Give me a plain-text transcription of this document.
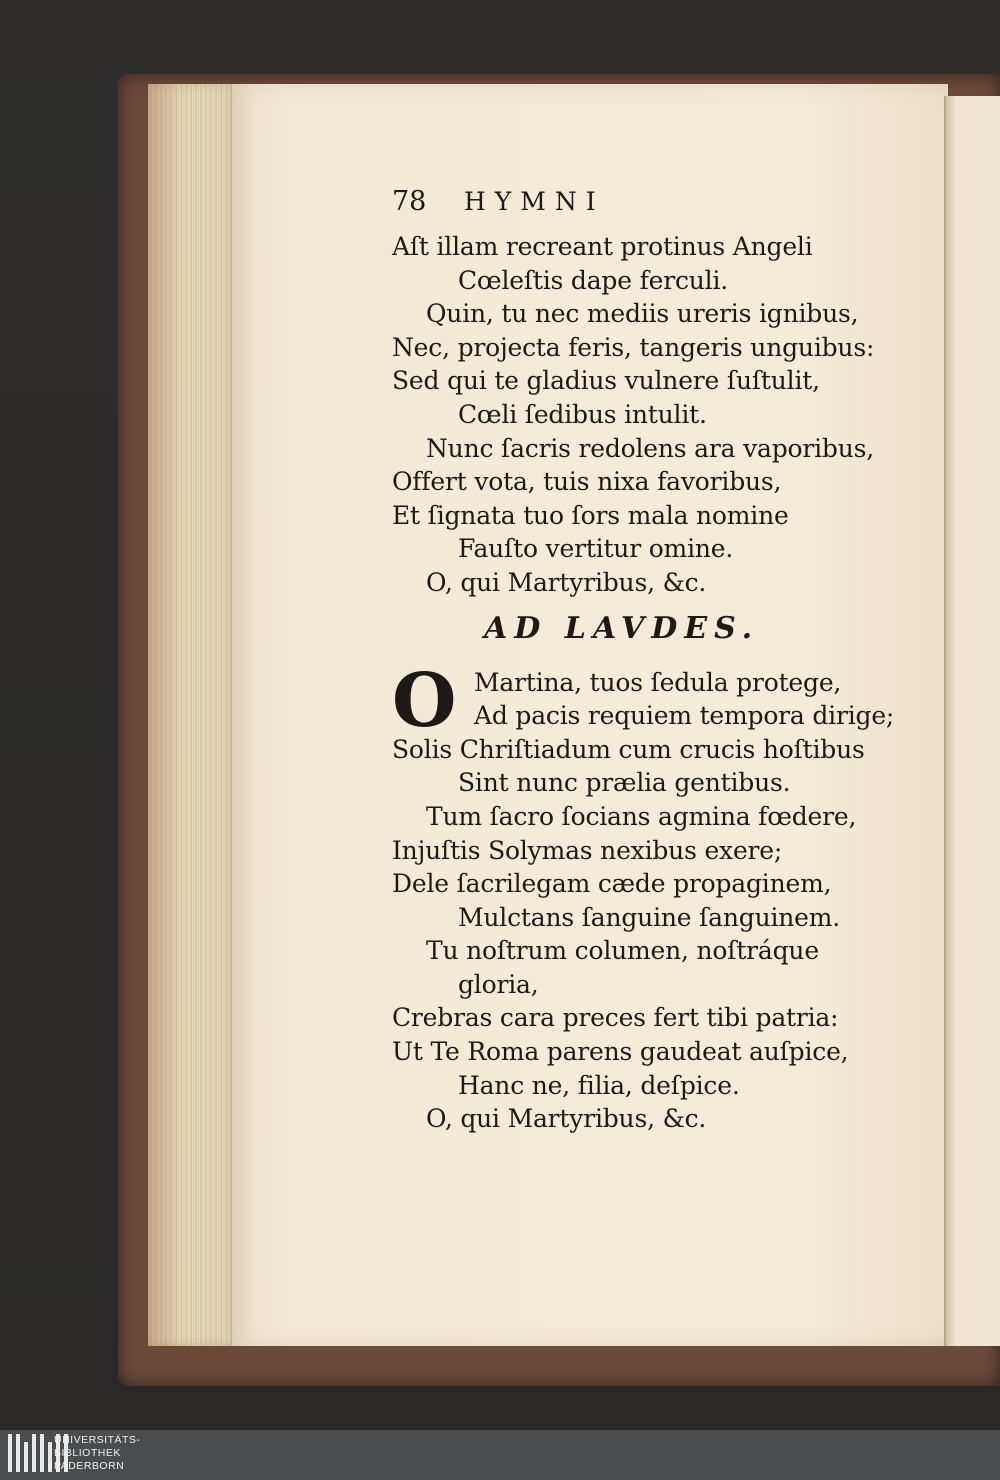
78	HYMNI
Aſt illam recreant protinus Angeli
Cœleſtis dape ferculi.
Quin, tu nec mediis ureris ignibus,
Nec, projecta feris, tangeris unguibus:
Sed qui te gladius vulnere ſuſtulit,
Cœli ſedibus intulit.
Nunc ſacris redolens ara vaporibus,
Offert vota, tuis nixa favoribus,
Et ſignata tuo ſors mala nomine
Fauſto vertitur omine.
O, qui Martyribus, &c.
AD LAVDES.
O Martina, tuos ſedula protege,
Ad pacis requiem tempora dirige;
Solis Chriſtiadum cum crucis hoſtibus
Sint nunc prælia gentibus.
Tum ſacro ſocians agmina fœdere,
Injuſtis Solymas nexibus exere;
Dele ſacrilegam cæde propaginem,
Mulctans ſanguine ſanguinem.
Tu noſtrum columen, noſtráque
gloria,
Crebras cara preces fert tibi patria:
Ut Te Roma parens gaudeat auſpice,
Hanc ne, filia, deſpice.
O, qui Martyribus, &c.
UNIVERSITÄTS-
BIBLIOTHEK
PADERBORN
